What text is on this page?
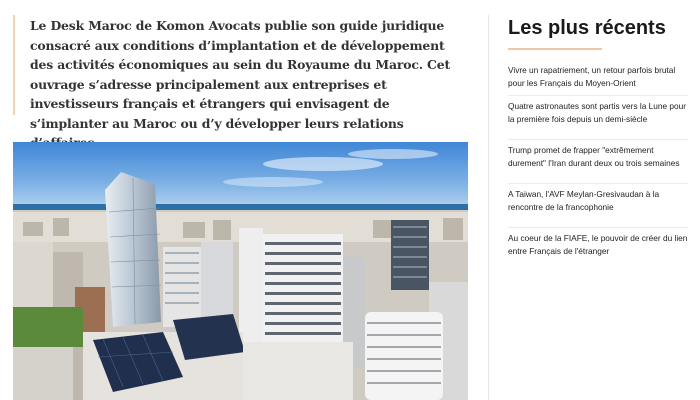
Le Desk Maroc de Komon Avocats publie son guide juridique consacré aux conditions d’implantation et de développement des activités économiques au sein du Royaume du Maroc. Cet ouvrage s’adresse principalement aux entreprises et investisseurs français et étrangers qui envisagent de s’implanter au Maroc ou d’y développer leurs relations

Les plus récents
Vivre un rapatriement, un retour parfois brutal
pour les Français du Moyen-Orient
Quatre astronautes sont partis vers la Lune pour
la première fois depuis un demi-siècle
Trump promet de frapper "extrêmement
durement" l'Iran durant deux ou trois semaines
A Taiwan, l'AVF Meylan-Gresivaudan à la
rencontre de la francophonie
Au coeur de la FIAFE, le pouvoir de créer du lien
entre Français de l'étranger
